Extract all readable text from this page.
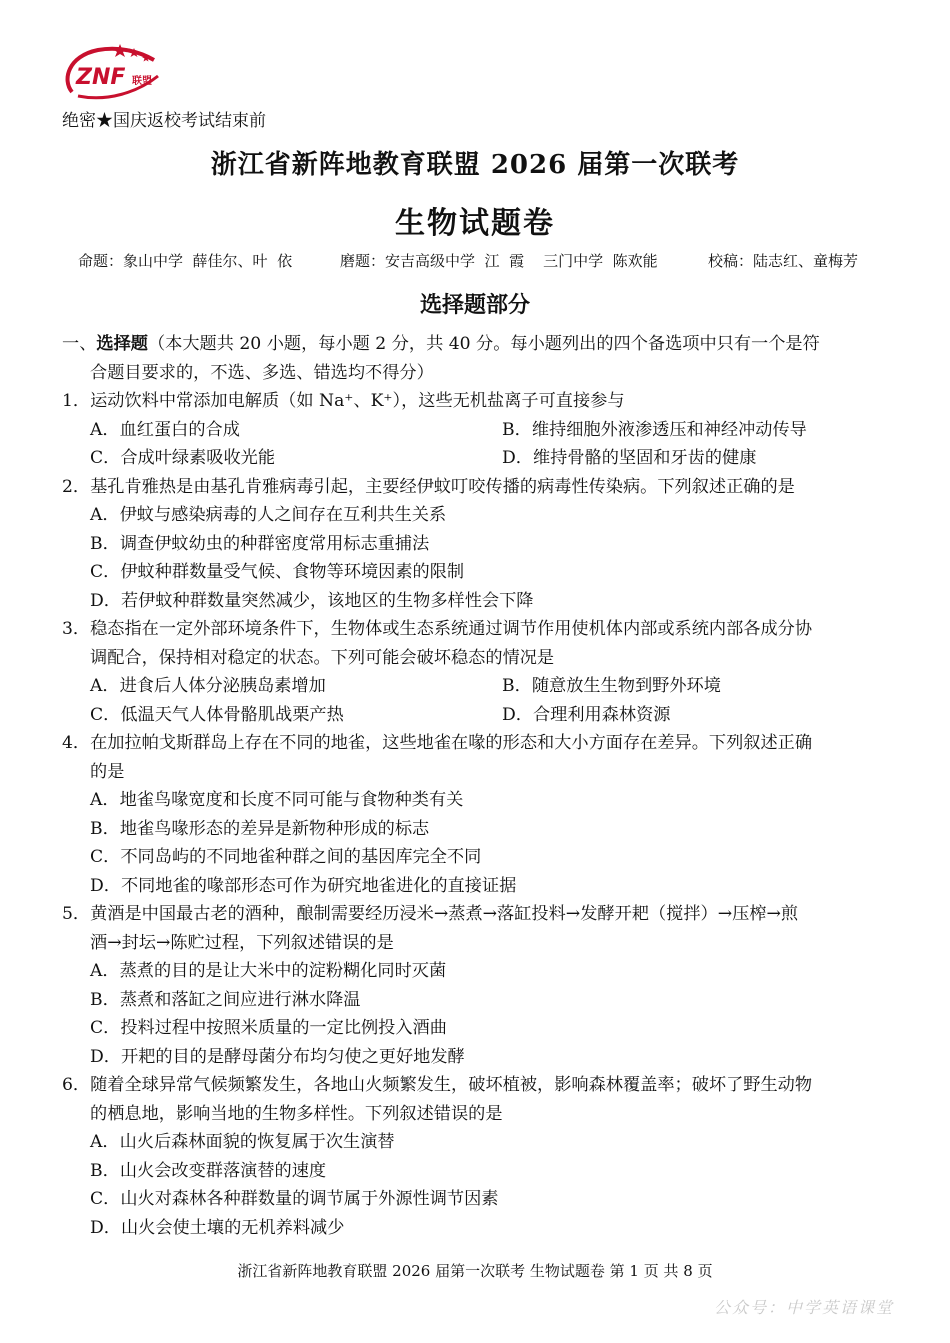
ZNF 联盟
绝密★国庆返校考试结束前
浙江省新阵地教育联盟 2026 届第一次联考
生物试题卷
命题：象山中学  薛佳尔、叶  依	磨题：安吉高级中学  江  霞    三门中学  陈欢能	校稿：陆志红、童梅芳
选择题部分
一、选择题（本大题共 20 小题，每小题 2 分，共 40 分。每小题列出的四个备选项中只有一个是符
合题目要求的，不选、多选、错选均不得分）
1．运动饮料中常添加电解质（如 Na⁺、K⁺），这些无机盐离子可直接参与
A．血红蛋白的合成	B．维持细胞外液渗透压和神经冲动传导
C．合成叶绿素吸收光能	D．维持骨骼的坚固和牙齿的健康
2．基孔肯雅热是由基孔肯雅病毒引起，主要经伊蚊叮咬传播的病毒性传染病。下列叙述正确的是
A．伊蚊与感染病毒的人之间存在互利共生关系
B．调查伊蚊幼虫的种群密度常用标志重捕法
C．伊蚊种群数量受气候、食物等环境因素的限制
D．若伊蚊种群数量突然减少，该地区的生物多样性会下降
3．稳态指在一定外部环境条件下，生物体或生态系统通过调节作用使机体内部或系统内部各成分协
调配合，保持相对稳定的状态。下列可能会破坏稳态的情况是
A．进食后人体分泌胰岛素增加	B．随意放生生物到野外环境
C．低温天气人体骨骼肌战栗产热	D．合理利用森林资源
4．在加拉帕戈斯群岛上存在不同的地雀，这些地雀在喙的形态和大小方面存在差异。下列叙述正确
的是
A．地雀鸟喙宽度和长度不同可能与食物种类有关
B．地雀鸟喙形态的差异是新物种形成的标志
C．不同岛屿的不同地雀种群之间的基因库完全不同
D．不同地雀的喙部形态可作为研究地雀进化的直接证据
5．黄酒是中国最古老的酒种，酿制需要经历浸米→蒸煮→落缸投料→发酵开耙（搅拌）→压榨→煎
酒→封坛→陈贮过程，下列叙述错误的是
A．蒸煮的目的是让大米中的淀粉糊化同时灭菌
B．蒸煮和落缸之间应进行淋水降温
C．投料过程中按照米质量的一定比例投入酒曲
D．开耙的目的是酵母菌分布均匀使之更好地发酵
6．随着全球异常气候频繁发生，各地山火频繁发生，破坏植被，影响森林覆盖率；破坏了野生动物
的栖息地，影响当地的生物多样性。下列叙述错误的是
A．山火后森林面貌的恢复属于次生演替
B．山火会改变群落演替的速度
C．山火对森林各种群数量的调节属于外源性调节因素
D．山火会使土壤的无机养料减少
浙江省新阵地教育联盟 2026 届第一次联考 生物试题卷 第 1 页 共 8 页
公众号：中学英语课堂
